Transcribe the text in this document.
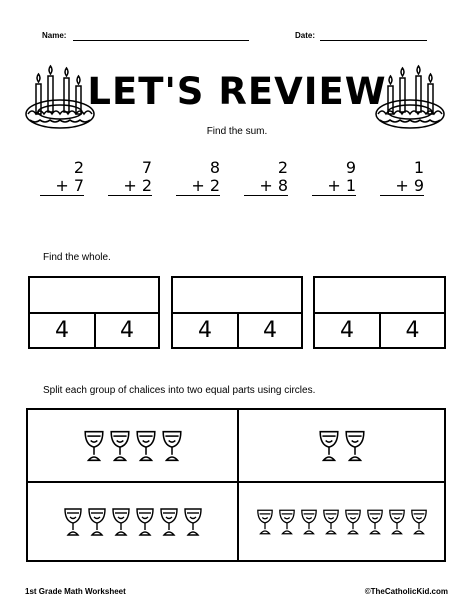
Name:	Date:
LET'S REVIEW
Find the sum.
2
+ 7
7
+ 2
8
+ 2
2
+ 8
9
+ 1
1
+ 9
Find the whole.
4	4	4	4	4	4
Split each group of chalices into two equal parts using circles.
1st Grade Math Worksheet	©TheCatholicKid.com
